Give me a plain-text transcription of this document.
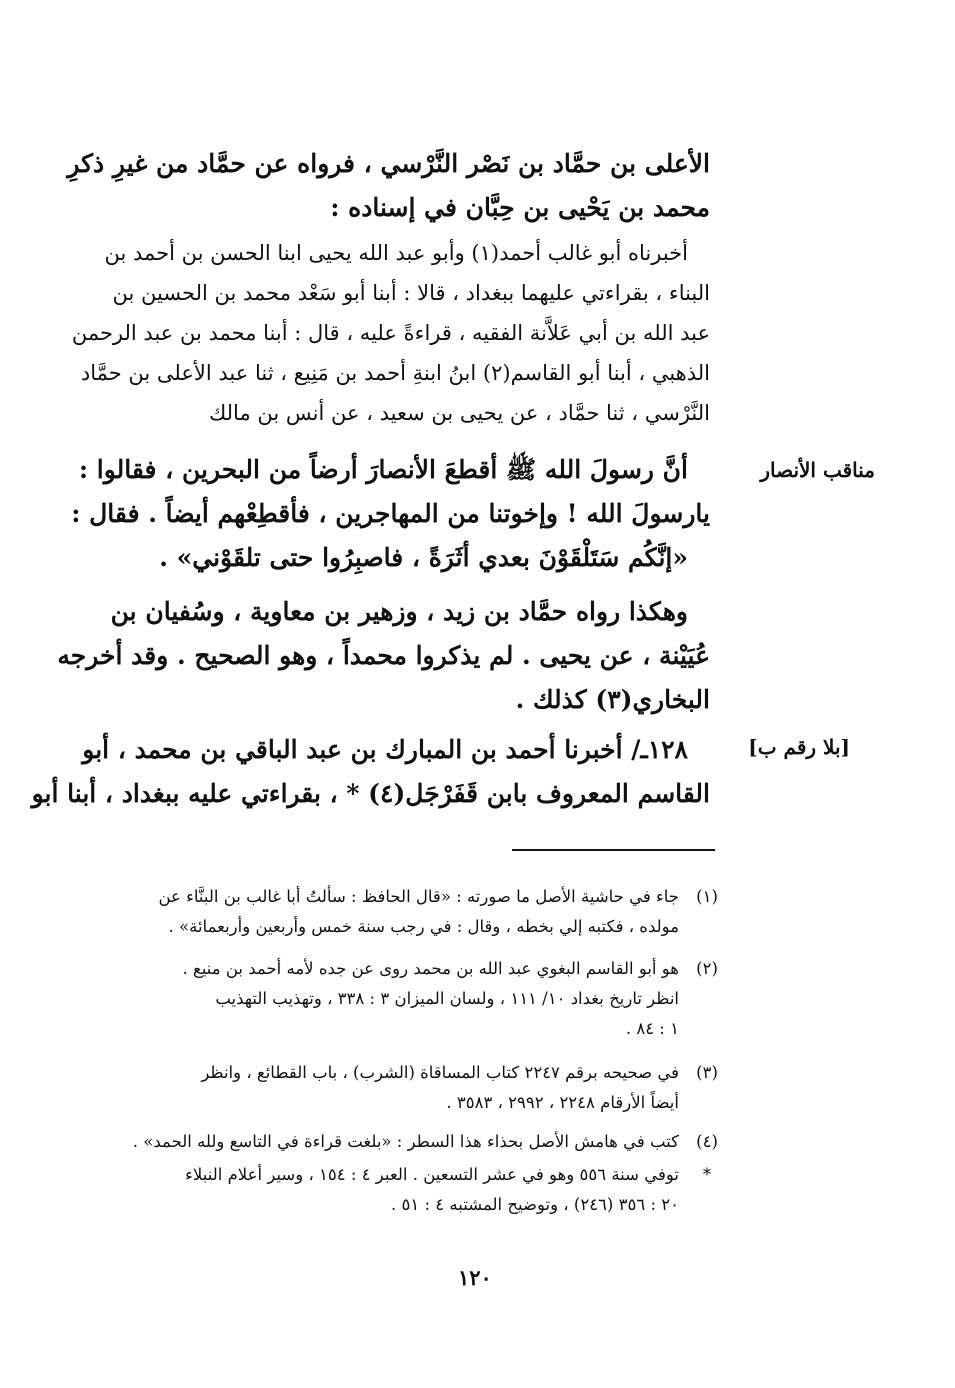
الأعلى بن حمَّاد بن نَصْر النَّرْسي ، فرواه عن حمَّاد من غيرِ ذكرِ
محمد بن يَحْيى بن حِبَّان في إسناده :
أخبرناه أبو غالب أحمد(١) وأبو عبد الله يحيى ابنا الحسن بن أحمد بن
البناء ، بقراءتي عليهما ببغداد ، قالا : أبنا أبو سَعْد محمد بن الحسين بن
عبد الله بن أبي عَلاَّنة الفقيه ، قراءةً عليه ، قال : أبنا محمد بن عبد الرحمن
الذهبي ، أبنا أبو القاسم(٢) ابنُ ابنةِ أحمد بن مَنِيع ، ثنا عبد الأعلى بن حمَّاد
النَّرْسي ، ثنا حمَّاد ، عن يحيى بن سعيد ، عن أنس بن مالك
مناقب الأنصار
أنَّ رسولَ الله ﷺ أقطعَ الأنصارَ أرضاً من البحرين ، فقالوا :
يارسولَ الله ! وإخوتنا من المهاجرين ، فأقطِعْهم أيضاً . فقال :
«إنَّكُم سَتَلْقَوْنَ بعدي أثَرَةً ، فاصبِرُوا حتى تلقَوْني» .
وهكذا رواه حمَّاد بن زيد ، وزهير بن معاوية ، وسُفيان بن
عُيَيْنة ، عن يحيى . لم يذكروا محمداً ، وهو الصحيح . وقد أخرجه
البخاري(٣) كذلك .
[بلا رقم ب]
١٢٨ـ/ أخبرنا أحمد بن المبارك بن عبد الباقي بن محمد ، أبو
القاسم المعروف بابن قَفَرْجَل(٤) * ، بقراءتي عليه ببغداد ، أبنا أبو
(١)
جاء في حاشية الأصل ما صورته : «قال الحافظ : سألتُ أبا غالب بن البنَّاء عن
مولده ، فكتبه إلي بخطه ، وقال : في رجب سنة خمس وأربعين وأربعمائة» .
(٢)
هو أبو القاسم البغوي عبد الله بن محمد روى عن جده لأمه أحمد بن منيع .
انظر تاريخ بغداد ١٠/ ١١١ ، ولسان الميزان ٣ : ٣٣٨ ، وتهذيب التهذيب
١ : ٨٤ .
(٣)
في صحيحه برقم ٢٢٤٧ كتاب المساقاة (الشرب) ، باب القطائع ، وانظر
أيضاً الأرقام ٢٢٤٨ ، ٢٩٩٢ ، ٣٥٨٣ .
(٤)
كتب في هامش الأصل بحذاء هذا السطر : «بلغت قراءة في التاسع ولله الحمد» .
*
توفي سنة ٥٥٦ وهو في عشر التسعين . العبر ٤ : ١٥٤ ، وسير أعلام النبلاء
٢٠ : ٣٥٦ (٢٤٦) ، وتوضيح المشتبه ٤ : ٥١ .
١٢٠
